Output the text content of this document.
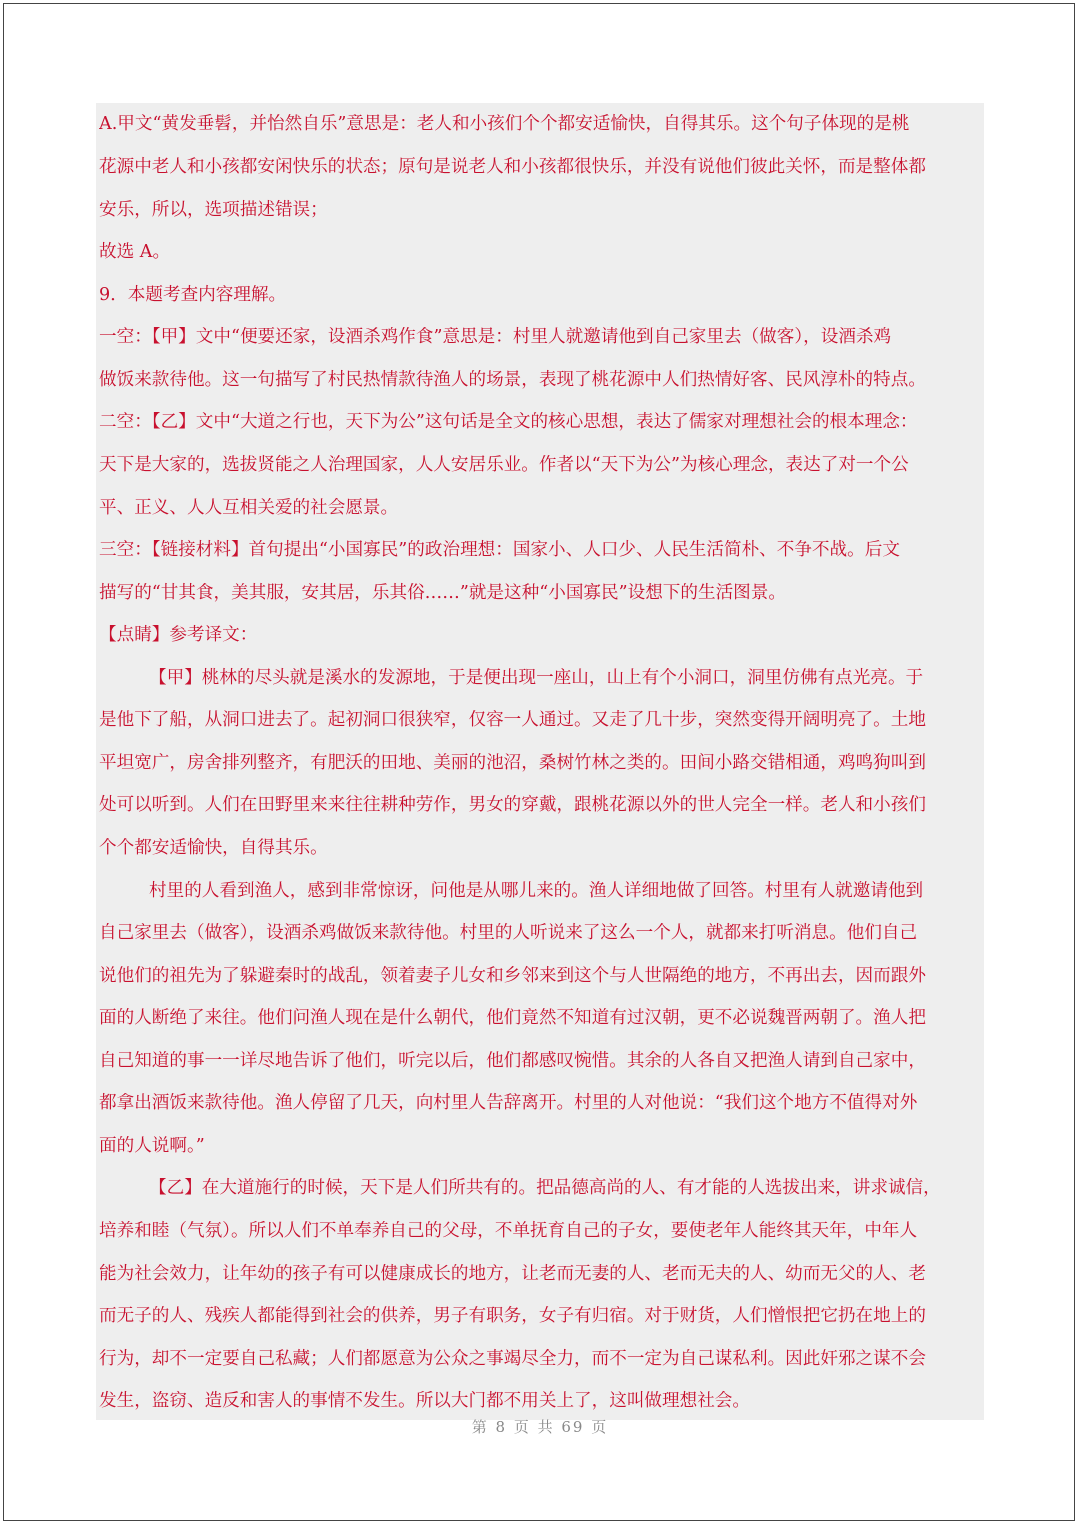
A.甲文“黄发垂髫，并怡然自乐”意思是：老人和小孩们个个都安适愉快，自得其乐。这个句子体现的是桃
花源中老人和小孩都安闲快乐的状态；原句是说老人和小孩都很快乐，并没有说他们彼此关怀，而是整体都
安乐，所以，选项描述错误；
故选 A。
9．本题考查内容理解。
一空：【甲】文中“便要还家，设酒杀鸡作食”意思是：村里人就邀请他到自己家里去（做客），设酒杀鸡
做饭来款待他。这一句描写了村民热情款待渔人的场景，表现了桃花源中人们热情好客、民风淳朴的特点。
二空：【乙】文中“大道之行也，天下为公”这句话是全文的核心思想，表达了儒家对理想社会的根本理念：
天下是大家的，选拔贤能之人治理国家，人人安居乐业。作者以“天下为公”为核心理念，表达了对一个公
平、正义、人人互相关爱的社会愿景。
三空：【链接材料】首句提出“小国寡民”的政治理想：国家小、人口少、人民生活简朴、不争不战。后文
描写的“甘其食，美其服，安其居，乐其俗……”就是这种“小国寡民”设想下的生活图景。
【点睛】参考译文：
【甲】桃林的尽头就是溪水的发源地，于是便出现一座山，山上有个小洞口，洞里仿佛有点光亮。于
是他下了船，从洞口进去了。起初洞口很狭窄，仅容一人通过。又走了几十步，突然变得开阔明亮了。土地
平坦宽广，房舍排列整齐，有肥沃的田地、美丽的池沼，桑树竹林之类的。田间小路交错相通，鸡鸣狗叫到
处可以听到。人们在田野里来来往往耕种劳作，男女的穿戴，跟桃花源以外的世人完全一样。老人和小孩们
个个都安适愉快，自得其乐。
村里的人看到渔人，感到非常惊讶，问他是从哪儿来的。渔人详细地做了回答。村里有人就邀请他到
自己家里去（做客），设酒杀鸡做饭来款待他。村里的人听说来了这么一个人，就都来打听消息。他们自己
说他们的祖先为了躲避秦时的战乱，领着妻子儿女和乡邻来到这个与人世隔绝的地方，不再出去，因而跟外
面的人断绝了来往。他们问渔人现在是什么朝代，他们竟然不知道有过汉朝，更不必说魏晋两朝了。渔人把
自己知道的事一一详尽地告诉了他们，听完以后，他们都感叹惋惜。其余的人各自又把渔人请到自己家中，
都拿出酒饭来款待他。渔人停留了几天，向村里人告辞离开。村里的人对他说：“我们这个地方不值得对外
面的人说啊。”
【乙】在大道施行的时候，天下是人们所共有的。把品德高尚的人、有才能的人选拔出来，讲求诚信，
培养和睦（气氛）。所以人们不单奉养自己的父母，不单抚育自己的子女，要使老年人能终其天年，中年人
能为社会效力，让年幼的孩子有可以健康成长的地方，让老而无妻的人、老而无夫的人、幼而无父的人、老
而无子的人、残疾人都能得到社会的供养，男子有职务，女子有归宿。对于财货，人们憎恨把它扔在地上的
行为，却不一定要自己私藏；人们都愿意为公众之事竭尽全力，而不一定为自己谋私利。因此奸邪之谋不会
发生，盗窃、造反和害人的事情不发生。所以大门都不用关上了，这叫做理想社会。
第 8 页 共 69 页
